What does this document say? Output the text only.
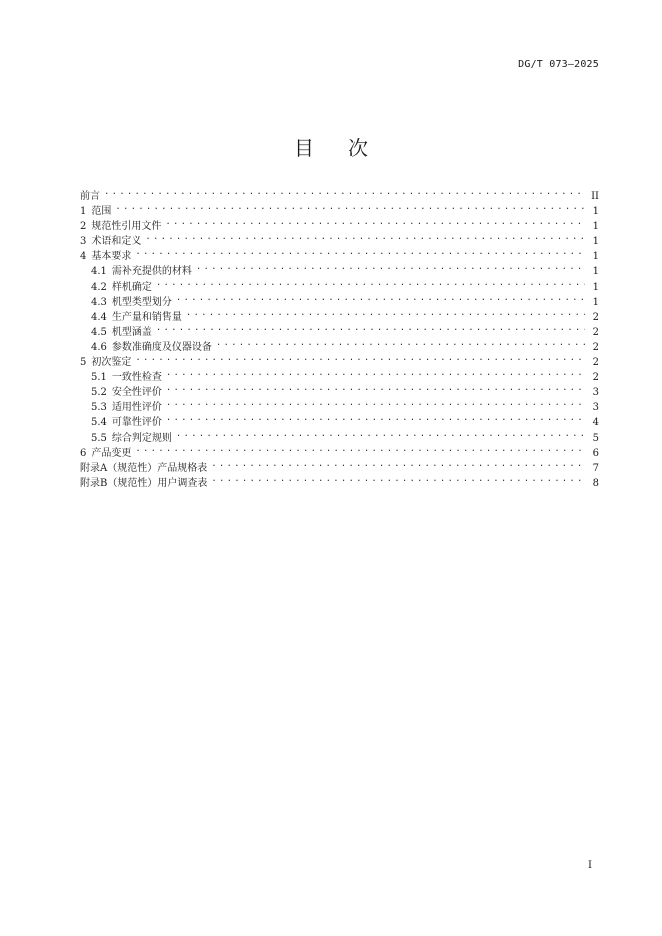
DG/T 073—2025
目次
前言 .....	II
1 范围 .....	1
2 规范性引用文件 .....	1
3 术语和定义 .....	1
4 基本要求 .....	1
4.1 需补充提供的材料 .....	1
4.2 样机确定 .....	1
4.3 机型类型划分 .....	1
4.4 生产量和销售量 .....	2
4.5 机型涵盖 .....	2
4.6 参数准确度及仪器设备 .....	2
5 初次鉴定 .....	2
5.1 一致性检查 .....	2
5.2 安全性评价 .....	3
5.3 适用性评价 .....	3
5.4 可靠性评价 .....	4
5.5 综合判定规则 .....	5
6 产品变更 .....	6
附录A（规范性）产品规格表 .....	7
附录B（规范性）用户调查表 .....	8
I
